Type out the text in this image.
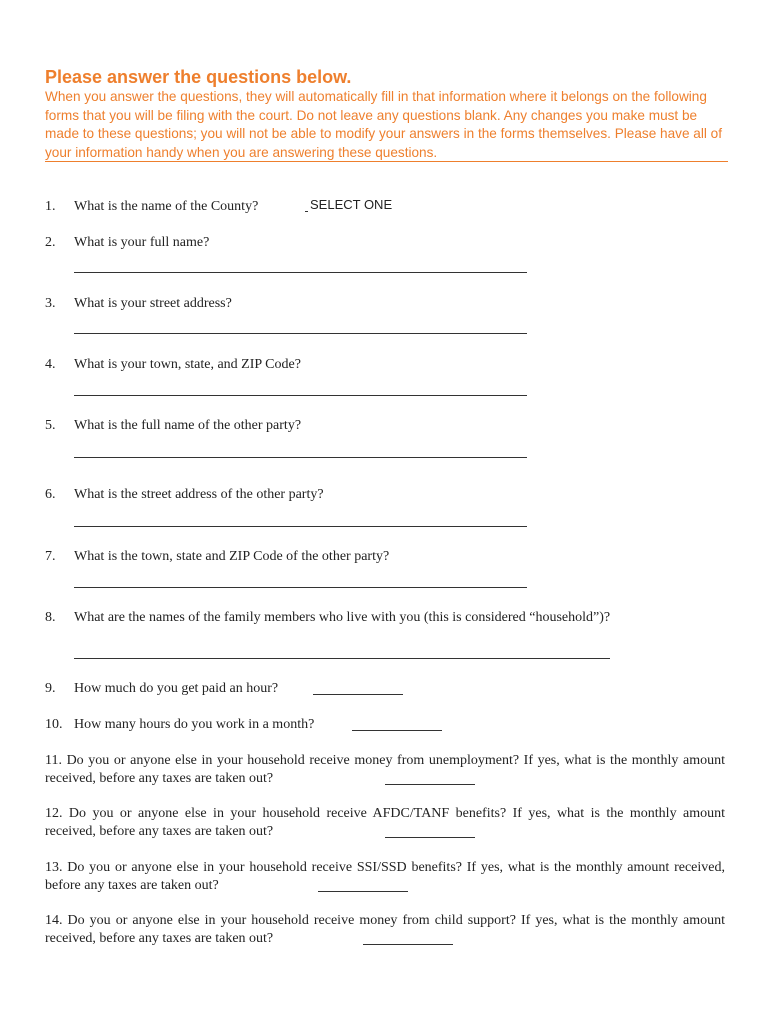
Please answer the questions below.

When you answer the questions, they will automatically fill in that information where it belongs on the following forms that you will be filing with the court. Do not leave any questions blank. Any changes you make must be made to these questions; you will not be able to modify your answers in the forms themselves. Please have all of your information handy when you are answering these questions.

1. What is the name of the County?	SELECT ONE
2. What is your full name?
3. What is your street address?
4. What is your town, state, and ZIP Code?
5. What is the full name of the other party?
6. What is the street address of the other party?
7. What is the town, state and ZIP Code of the other party?
8. What are the names of the family members who live with you (this is considered “household”)?
9. How much do you get paid an hour?
10. How many hours do you work in a month?
11. Do you or anyone else in your household receive money from unemployment? If yes, what is the monthly amount received, before any taxes are taken out?
12. Do you or anyone else in your household receive AFDC/TANF benefits? If yes, what is the monthly amount received, before any taxes are taken out?
13. Do you or anyone else in your household receive SSI/SSD benefits? If yes, what is the monthly amount received, before any taxes are taken out?
14. Do you or anyone else in your household receive money from child support? If yes, what is the monthly amount received, before any taxes are taken out?
